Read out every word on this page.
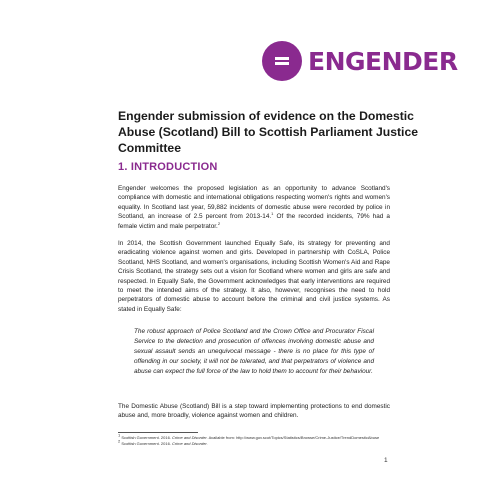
ENGENDER
Engender submission of evidence on the Domestic Abuse (Scotland) Bill to Scottish Parliament Justice Committee
1. INTRODUCTION
Engender welcomes the proposed legislation as an opportunity to advance Scotland's compliance with domestic and international obligations respecting women's rights and women's equality. In Scotland last year, 59,882 incidents of domestic abuse were recorded by police in Scotland, an increase of 2.5 percent from 2013-14.$^1$ Of the recorded incidents, 79% had a female victim and male perpetrator.$^2$
In 2014, the Scottish Government launched Equally Safe, its strategy for preventing and eradicating violence against women and girls. Developed in partnership with CoSLA, Police Scotland, NHS Scotland, and women's organisations, including Scottish Women's Aid and Rape Crisis Scotland, the strategy sets out a vision for Scotland where women and girls are safe and respected. In Equally Safe, the Government acknowledges that early interventions are required to meet the intended aims of the strategy. It also, however, recognises the need to hold perpetrators of domestic abuse to account before the criminal and civil justice systems. As stated in Equally Safe:
The robust approach of Police Scotland and the Crown Office and Procurator Fiscal Service to the detection and prosecution of offences involving domestic abuse and sexual assault sends an unequivocal message - there is no place for this type of offending in our society, it will not be tolerated, and that perpetrators of violence and abuse can expect the full force of the law to hold them to account for their behaviour.
The Domestic Abuse (Scotland) Bill is a step toward implementing protections to end domestic abuse and, more broadly, violence against women and children.
1 Scottish Government. 2016. Crime and Disorder. Available from: http://www.gov.scot/Topics/Statistics/Browse/Crime-Justice/TrendDomesticAbuse
2 Scottish Government. 2016. Crime and Disorder.
1
